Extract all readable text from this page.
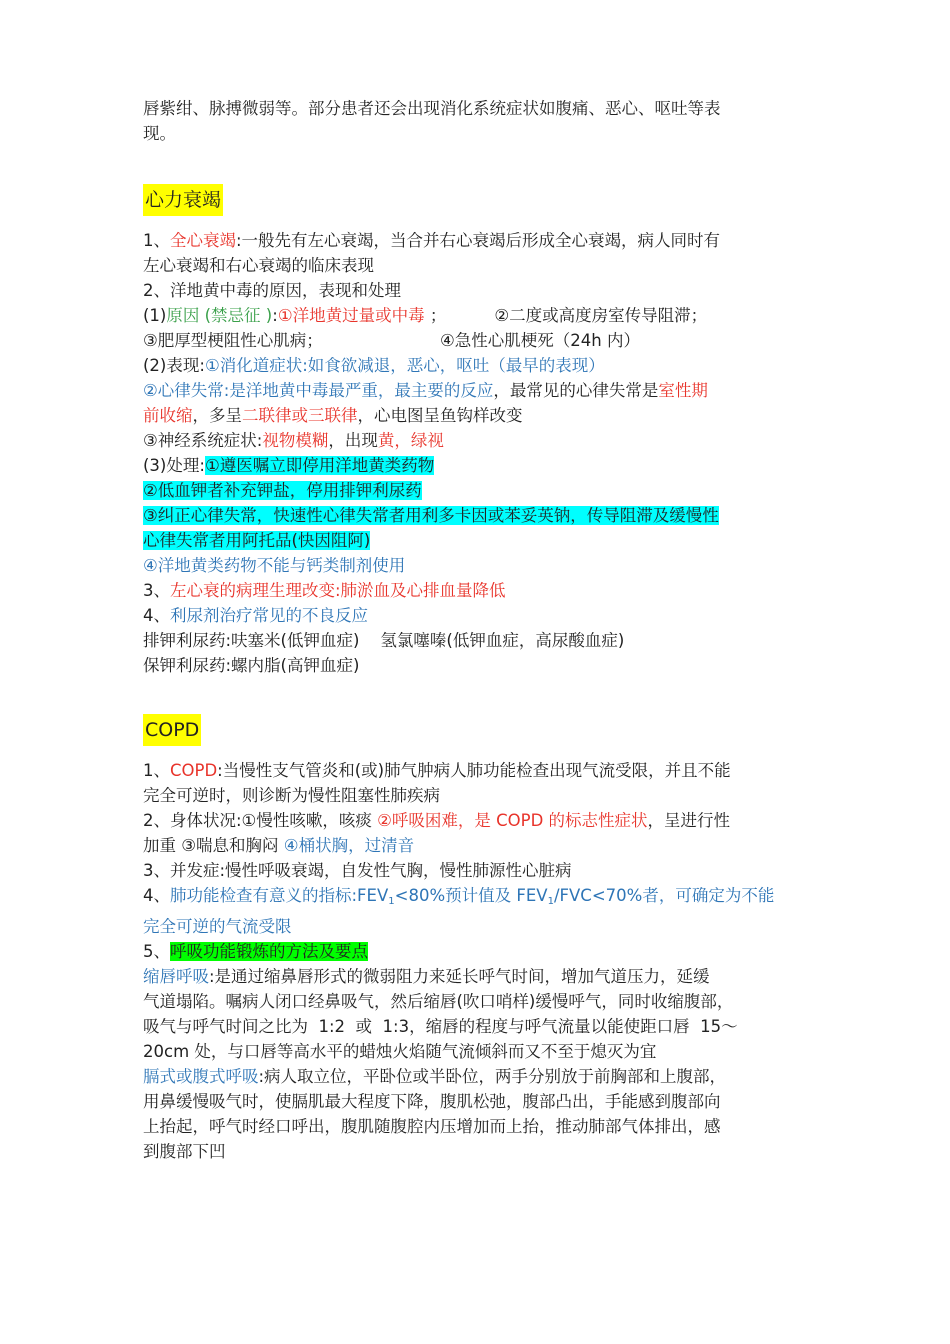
唇紫绀、脉搏微弱等。部分患者还会出现消化系统症状如腹痛、恶心、呕吐等表

现。

心力衰竭

1、全心衰竭:一般先有左心衰竭，当合并右心衰竭后形成全心衰竭，病人同时有

左心衰竭和右心衰竭的临床表现

2、洋地黄中毒的原因，表现和处理

(1)原因 (禁忌征 ):①洋地黄过量或中毒 ；	②二度或高度房室传导阻滞；

③肥厚型梗阻性心肌病；	④急性心肌梗死（24h 内）

(2)表现:①消化道症状:如食欲减退，恶心，呕吐（最早的表现）

②心律失常:是洋地黄中毒最严重，最主要的反应，最常见的心律失常是室性期

前收缩，多呈二联律或三联律，心电图呈鱼钩样改变

③神经系统症状:视物模糊，出现黄，绿视

(3)处理:①遵医嘱立即停用洋地黄类药物

②低血钾者补充钾盐，停用排钾利尿药

③纠正心律失常，快速性心律失常者用利多卡因或苯妥英钠，传导阻滞及缓慢性

心律失常者用阿托品(快因阻阿)

④洋地黄类药物不能与钙类制剂使用

3、左心衰的病理生理改变:肺淤血及心排血量降低

4、利尿剂治疗常见的不良反应

排钾利尿药:呋塞米(低钾血症)    氢氯噻嗪(低钾血症，高尿酸血症)

保钾利尿药:螺内脂(高钾血症)

COPD

1、COPD:当慢性支气管炎和(或)肺气肿病人肺功能检查出现气流受限，并且不能

完全可逆时，则诊断为慢性阻塞性肺疾病

2、身体状况:①慢性咳嗽，咳痰 ②呼吸困难，是 COPD 的标志性症状，呈进行性

加重 ③喘息和胸闷 ④桶状胸，过清音

3、并发症:慢性呼吸衰竭，自发性气胸，慢性肺源性心脏病

4、肺功能检查有意义的指标$:FEV_1<80\%$预计值及 $FEV_1/FVC<70\%$者，可确定为不能

完全可逆的气流受限

5、呼吸功能锻炼的方法及要点

缩唇呼吸:是通过缩鼻唇形式的微弱阻力来延长呼气时间，增加气道压力，延缓

气道塌陷。嘱病人闭口经鼻吸气，然后缩唇(吹口哨样)缓慢呼气，同时收缩腹部，

吸气与呼气时间之比为  1:2  或  1:3，缩唇的程度与呼气流量以能使距口唇  15～

20cm 处，与口唇等高水平的蜡烛火焰随气流倾斜而又不至于熄灭为宜

膈式或腹式呼吸:病人取立位，平卧位或半卧位，两手分别放于前胸部和上腹部，

用鼻缓慢吸气时，使膈肌最大程度下降，腹肌松弛，腹部凸出，手能感到腹部向

上抬起，呼气时经口呼出，腹肌随腹腔内压增加而上抬，推动肺部气体排出，感

到腹部下凹
